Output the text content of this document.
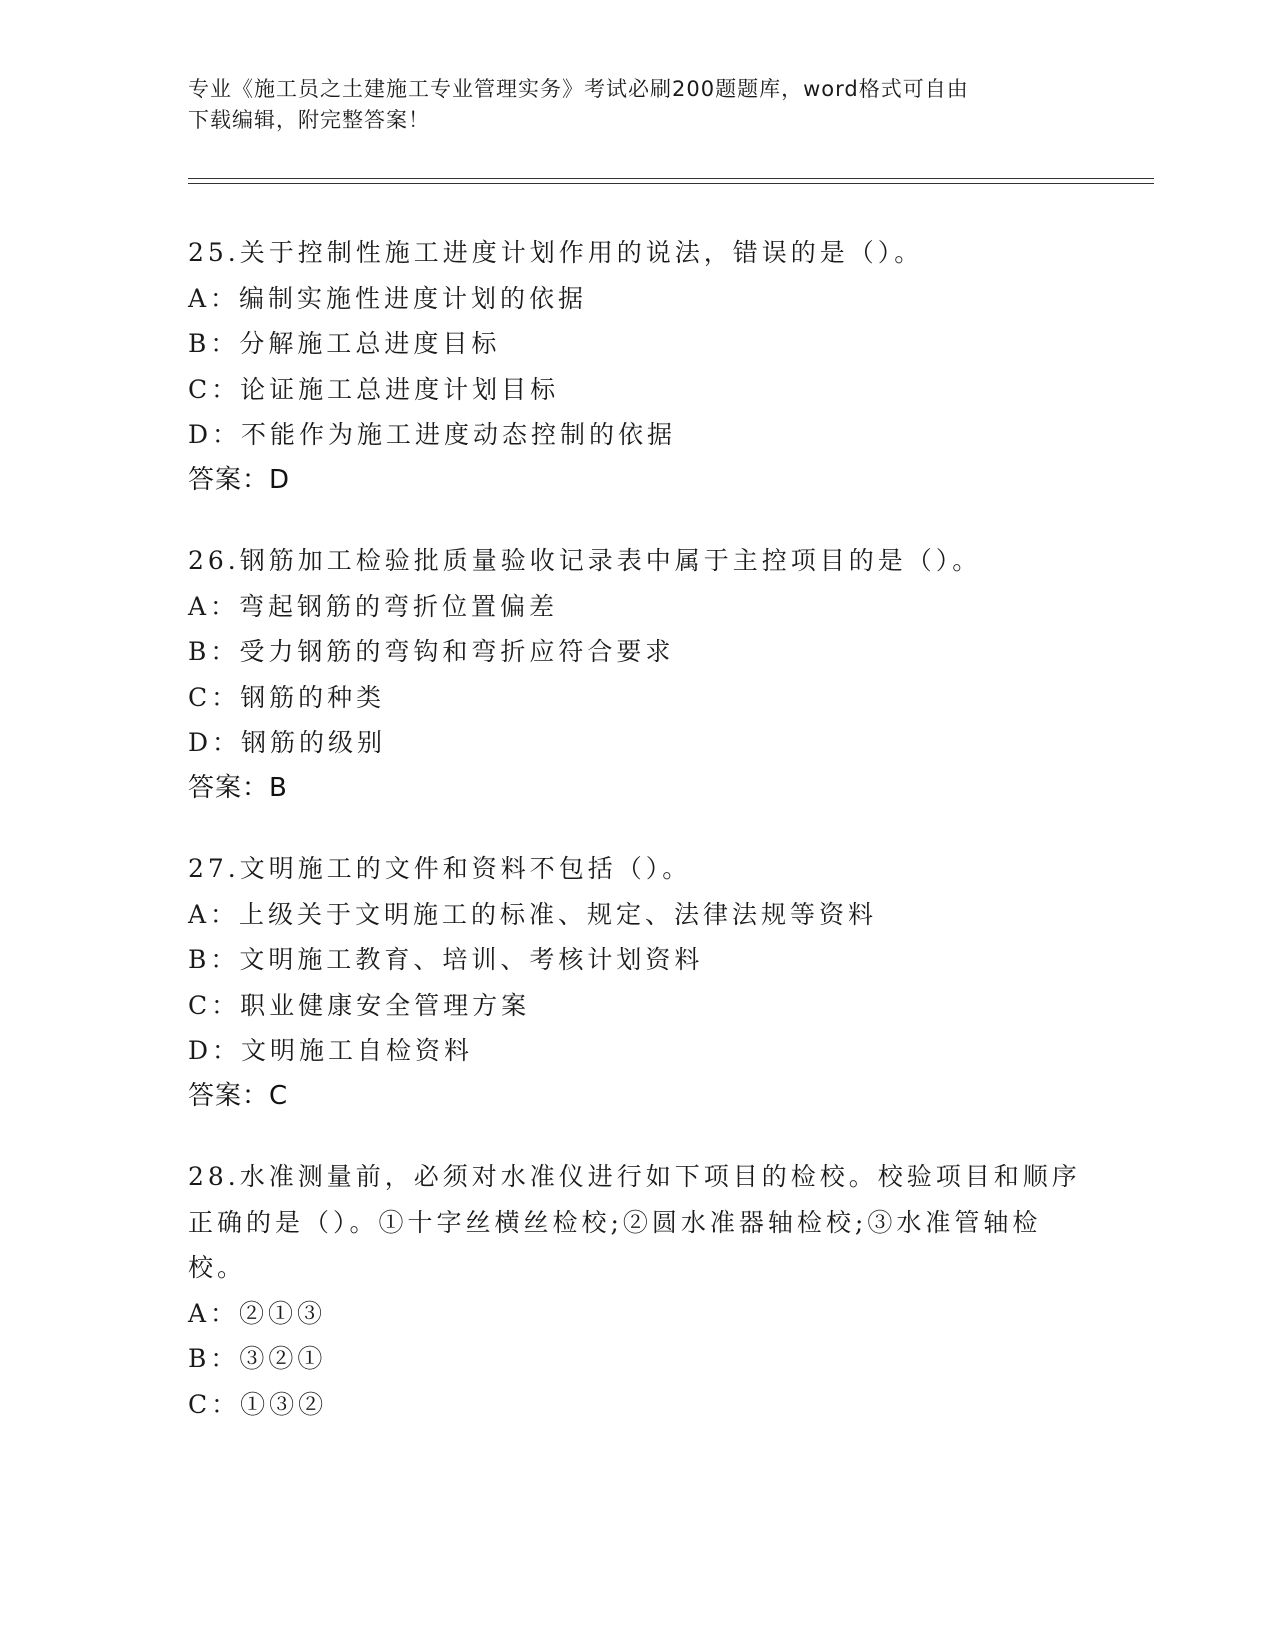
专业《施工员之土建施工专业管理实务》考试必刷200题题库，word格式可自由
下载编辑，附完整答案！
25.关于控制性施工进度计划作用的说法，错误的是（）。
A：编制实施性进度计划的依据
B：分解施工总进度目标
C：论证施工总进度计划目标
D：不能作为施工进度动态控制的依据
答案：D
26.钢筋加工检验批质量验收记录表中属于主控项目的是（）。
A：弯起钢筋的弯折位置偏差
B：受力钢筋的弯钩和弯折应符合要求
C：钢筋的种类
D：钢筋的级别
答案：B
27.文明施工的文件和资料不包括（）。
A：上级关于文明施工的标准、规定、法律法规等资料
B：文明施工教育、培训、考核计划资料
C：职业健康安全管理方案
D：文明施工自检资料
答案：C
28.水准测量前，必须对水准仪进行如下项目的检校。校验项目和顺序
正确的是（）。①十字丝横丝检校;②圆水准器轴检校;③水准管轴检
校。
A：②①③
B：③②①
C：①③②
